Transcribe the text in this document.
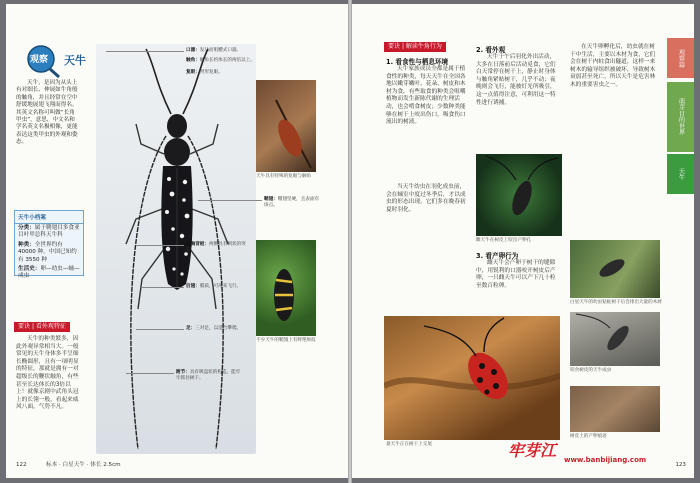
观察 天牛

天牛，是因为从头上有对细长、伸展如牛角般的触角，并且经常在空中舒缓地展翅飞翔而得名。其英文名称可叫做“长角甲虫”，意思，中文名和学名英文名极相像，更能表达这类甲虫的外观和姿态。

天牛小档案
分类：属于鞘翅目多食亚目叶甲总科天牛科
种类：全世界约有 40000 种，中国已知约有 3550 种
生活史：卵—幼虫—蛹—成虫
要诀 | 看外观特征

天牛的种类繁多，因此外观异常相当大。一般常见的天牛身体多半呈细长椭圆形，且有一项明显的特征，那就是拥有一对超级长的鞭状触角，有些甚至长达体长的3倍以上！就像京剧中武角头冠上的长翎一般，看起来威风八面，气势不凡。

口器：发达而咀嚼式口器。
触角：触角长约体长的两倍以上。
复眼：肾形复眼。
前胸背板：两侧具有刺状的突起。
鞘翅：鞘翅坚硬，且表面有斑点。
后翅：膜质，可用来飞行。
足：三对足，以适合攀爬。
跗节：具有吸盘状的构造，能牢牢抓住树干。
天牛具有特殊的复眼与触角
不少天牛的鞘翅上有鲜艳斑纹
122	标本 · 白星天牛 · 体长 2.5cm
要诀 | 解读牛角行为
1. 看食性与栖息环境

天牛家族成员全都是属于植食性的种类，每天天牛在全国各地以嫩芽嫩叶、花朵、树皮和木材为食，有些取食的种类会咀嚼植物而发生新陈代谢的生理活动，也会啃食树皮；少数种类能够在树干上咬出伤口，吸食伤口流出的树液。

当天牛幼虫在羽化成虫前，会在蛹室中度过冬季后，才以成虫的形态出现。它们多在晚春初夏时羽化。

2. 看外观

天牛于午后羽化外出活动，大多在日落前后活动觅食，它们白天常停在树干上，静止时身体与触角紧贴树干，几乎不动；夜晚则会飞行，能被灯光所吸引，这一点值得注意，可利用这一特性进行诱捕。

雌天牛在树皮上咬出产卵孔
3. 看产卵行为

雌天牛会产卵于树干的缝隙中，用锐利的口器咬开树皮后产卵，一只雌天牛可以产下几十粒至数百粒卵。

桑天牛正在树干上交尾

在天牛卵孵化后，幼虫就在树干中生活，主要以木材为食，它们会在树干内蛀食出隧道，这样一来树木的输导组织被破坏，导致树木衰弱甚至死亡，所以天牛是危害林木的重要害虫之一。

白星天牛的幼虫钻蛀树干后会排出大量的木屑
咬食树皮的天牛成虫
树皮上的产卵痕迹
观察篇
萌芽目的世界
天牛
123
牢芽江 www.banbijiang.com
